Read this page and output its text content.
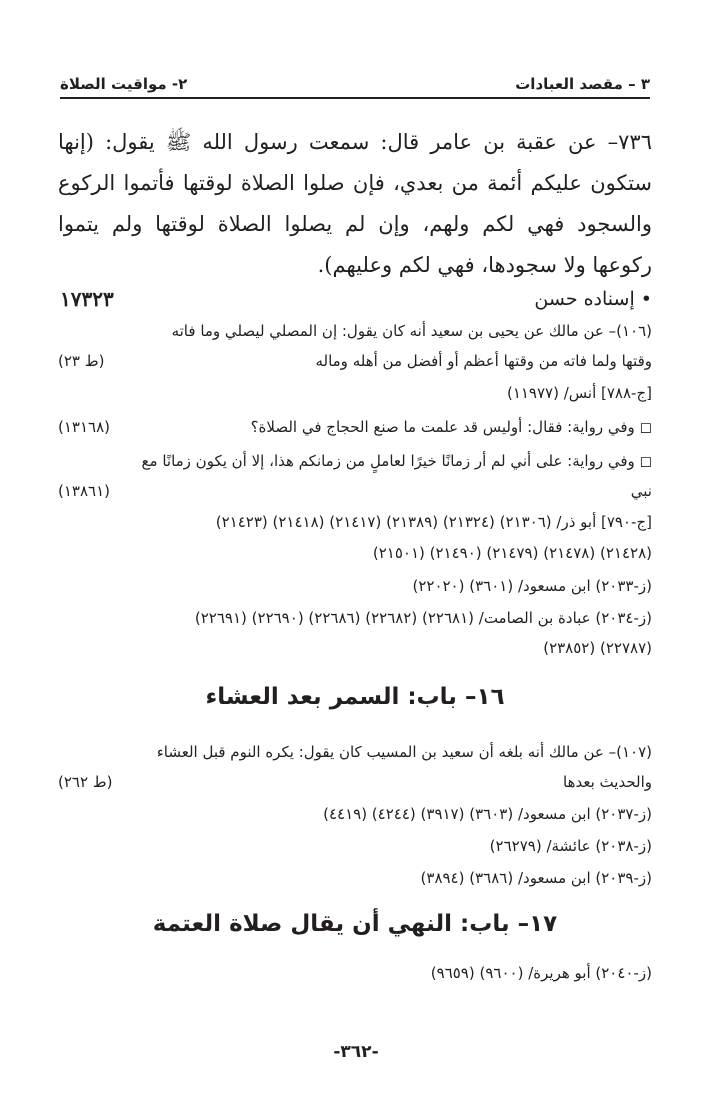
٣ – مقصد العبادات
٢- مواقيت الصلاة
٧٣٦– عن عقبة بن عامر قال: سمعت رسول الله ﷺ يقول: (إنها ستكون عليكم أئمة من بعدي، فإن صلوا الصلاة لوقتها فأتموا الركوع والسجود فهي لكم ولهم، وإن لم يصلوا الصلاة لوقتها ولم يتموا ركوعها ولا سجودها، فهي لكم وعليهم).
• إسناده حسن
١٧٣٢٣
(١٠٦)– عن مالك عن يحيى بن سعيد أنه كان يقول: إن المصلي ليصلي وما فاته
وقتها ولما فاته من وقتها أعظم أو أفضل من أهله وماله
(ط ٢٣)
[ج-٧٨٨] أنس/ (١١٩٧٧)
◻ وفي رواية: فقال: أوليس قد علمت ما صنع الحجاج في الصلاة؟
(١٣١٦٨)
◻ وفي رواية: على أني لم أر زمانًا خيرًا لعاملٍ من زمانكم هذا، إلا أن يكون زمانًا مع
نبي
(١٣٨٦١)
[ج-٧٩٠] أبو ذر/ (٢١٣٠٦) (٢١٣٢٤) (٢١٣٨٩) (٢١٤١٧) (٢١٤١٨) (٢١٤٢٣)
(٢١٤٢٨) (٢١٤٧٨) (٢١٤٧٩) (٢١٤٩٠) (٢١٥٠١)
(ز-٢٠٣٣) ابن مسعود/ (٣٦٠١) (٢٢٠٢٠)
(ز-٢٠٣٤) عبادة بن الصامت/ (٢٢٦٨١) (٢٢٦٨٢) (٢٢٦٨٦) (٢٢٦٩٠) (٢٢٦٩١)
(٢٢٧٨٧) (٢٣٨٥٢)
١٦– باب: السمر بعد العشاء
(١٠٧)– عن مالك أنه بلغه أن سعيد بن المسيب كان يقول: يكره النوم قبل العشاء
والحديث بعدها
(ط ٢٦٢)
(ز-٢٠٣٧) ابن مسعود/ (٣٦٠٣) (٣٩١٧) (٤٢٤٤) (٤٤١٩)
(ز-٢٠٣٨) عائشة/ (٢٦٢٧٩)
(ز-٢٠٣٩) ابن مسعود/ (٣٦٨٦) (٣٨٩٤)
١٧– باب: النهي أن يقال صلاة العتمة
(ز-٢٠٤٠) أبو هريرة/ (٩٦٠٠) (٩٦٥٩)
-٣٦٢-
